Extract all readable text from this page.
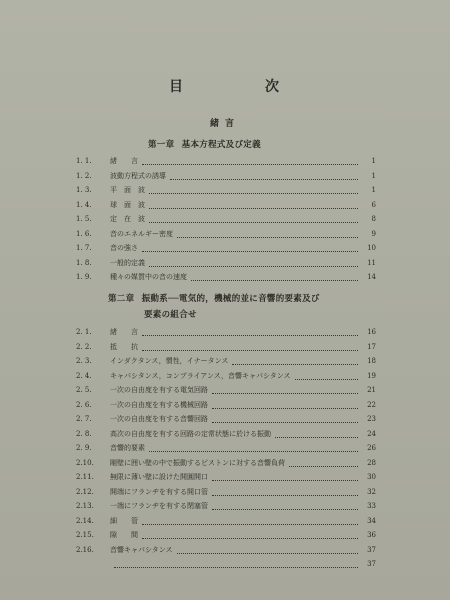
目	次
緒言
第一章 基本方程式及び定義
1. 1.	緒　　言	1
1. 2.	波動方程式の誘導	1
1. 3.	平　面　波	1
1. 4.	球　面　波	6
1. 5.	定　在　波	8
1. 6.	音のエネルギー密度	9
1. 7.	音の強さ	10
1. 8.	一般的定義	11
1. 9.	種々の媒質中の音の速度	14
第二章 振動系──電気的，機械的並に音響的要素及び
要素の組合せ
2. 1.	緒　　言	16
2. 2.	抵　　抗	17
2. 3.	インダクタンス，慣性，イナータンス	18
2. 4.	キャパシタンス，コンプライアンス，音響キャパシタンス	19
2. 5.	一次の自由度を有する電気回路	21
2. 6.	一次の自由度を有する機械回路	22
2. 7.	一次の自由度を有する音響回路	23
2. 8.	高次の自由度を有する回路の定常状態に於ける振動	24
2. 9.	音響的要素	26
2.10.	剛壁に囲い壁の中で振動するピストンに対する音響負荷	28
2.11.	無限に薄い壁に設けた開圓開口	30
2.12.	開端にフランヂを有する開口管	32
2.13.	一端にフランヂを有する閉塞管	33
2.14.	細　　管	34
2.15.	隙　　間	36
2.16.	音響キャパシタンス	37
37
